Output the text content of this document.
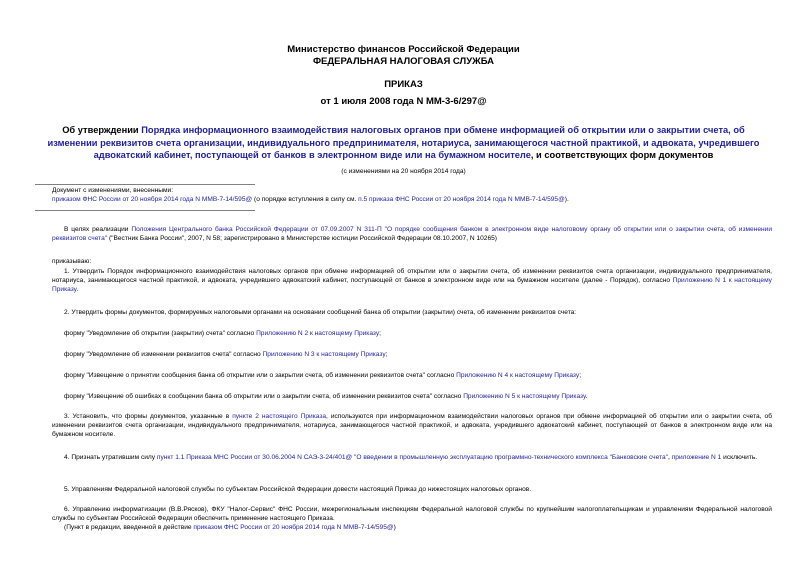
Министерство финансов Российской Федерации
ФЕДЕРАЛЬНАЯ НАЛОГОВАЯ СЛУЖБА
ПРИКАЗ
от 1 июля 2008 года N ММ-3-6/297@
Об утверждении Порядка информационного взаимодействия налоговых органов при обмене информацией об открытии или о закрытии счета, об изменении реквизитов счета организации, индивидуального предпринимателя, нотариуса, занимающегося частной практикой, и адвоката, учредившего адвокатский кабинет, поступающей от банков в электронном виде или на бумажном носителе, и соответствующих форм документов
(с изменениями на 20 ноября 2014 года)
Документ с изменениями, внесенными:
приказом ФНС России от 20 ноября 2014 года N ММВ-7-14/595@ (о порядке вступления в силу см. п.5 приказа ФНС России от 20 ноября 2014 года N ММВ-7-14/595@).
В целях реализации Положения Центрального банка Российской Федерации от 07.09.2007 N 311-П "О порядке сообщения банком в электронном виде налоговому органу об открытии или о закрытии счета, об изменении реквизитов счета" ("Вестник Банка России", 2007, N 58; зарегистрировано в Министерстве юстиции Российской Федерации 08.10.2007, N 10265)
приказываю:
1. Утвердить Порядок информационного взаимодействия налоговых органов при обмене информацией об открытии или о закрытии счета, об изменении реквизитов счета организации, индивидуального предпринимателя, нотариуса, занимающегося частной практикой, и адвоката, учредившего адвокатский кабинет, поступающей от банков в электронном виде или на бумажном носителе (далее - Порядок), согласно Приложению N 1 к настоящему Приказу.
2. Утвердить формы документов, формируемых налоговыми органами на основании сообщений банка об открытии (закрытии) счета, об изменении реквизитов счета:
форму "Уведомление об открытии (закрытии) счета" согласно Приложению N 2 к настоящему Приказу;
форму "Уведомление об изменении реквизитов счета" согласно Приложению N 3 к настоящему Приказу;
форму "Извещение о принятии сообщения банка об открытии или о закрытии счета, об изменении реквизитов счета" согласно Приложению N 4 к настоящему Приказу;
форму "Извещение об ошибках в сообщении банка об открытии или о закрытии счета, об изменении реквизитов счета" согласно Приложению N 5 к настоящему Приказу.
3. Установить, что формы документов, указанные в пункте 2 настоящего Приказа, используются при информационном взаимодействии налоговых органов при обмене информацией об открытии или о закрытии счета, об изменении реквизитов счета организации, индивидуального предпринимателя, нотариуса, занимающегося частной практикой, и адвоката, учредившего адвокатский кабинет, поступающей от банков в электронном виде или на бумажном носителе.
4. Признать утратившим силу пункт 1.1 Приказа МНС России от 30.06.2004 N САЭ-3-24/401@ "О введении в промышленную эксплуатацию программно-технического комплекса "Банковские счета", приложение N 1 исключить.
5. Управлениям Федеральной налоговой службы по субъектам Российской Федерации довести настоящий Приказ до нижестоящих налоговых органов.
6. Управлению информатизации (В.В.Рясков), ФКУ "Налог-Сервис" ФНС России, межрегиональным инспекциям Федеральной налоговой службы по крупнейшим налогоплательщикам и управлениям Федеральной налоговой службы по субъектам Российской Федерации обеспечить применение настоящего Приказа.
(Пункт в редакции, введенной в действие приказом ФНС России от 20 ноября 2014 года N ММВ-7-14/595@)
